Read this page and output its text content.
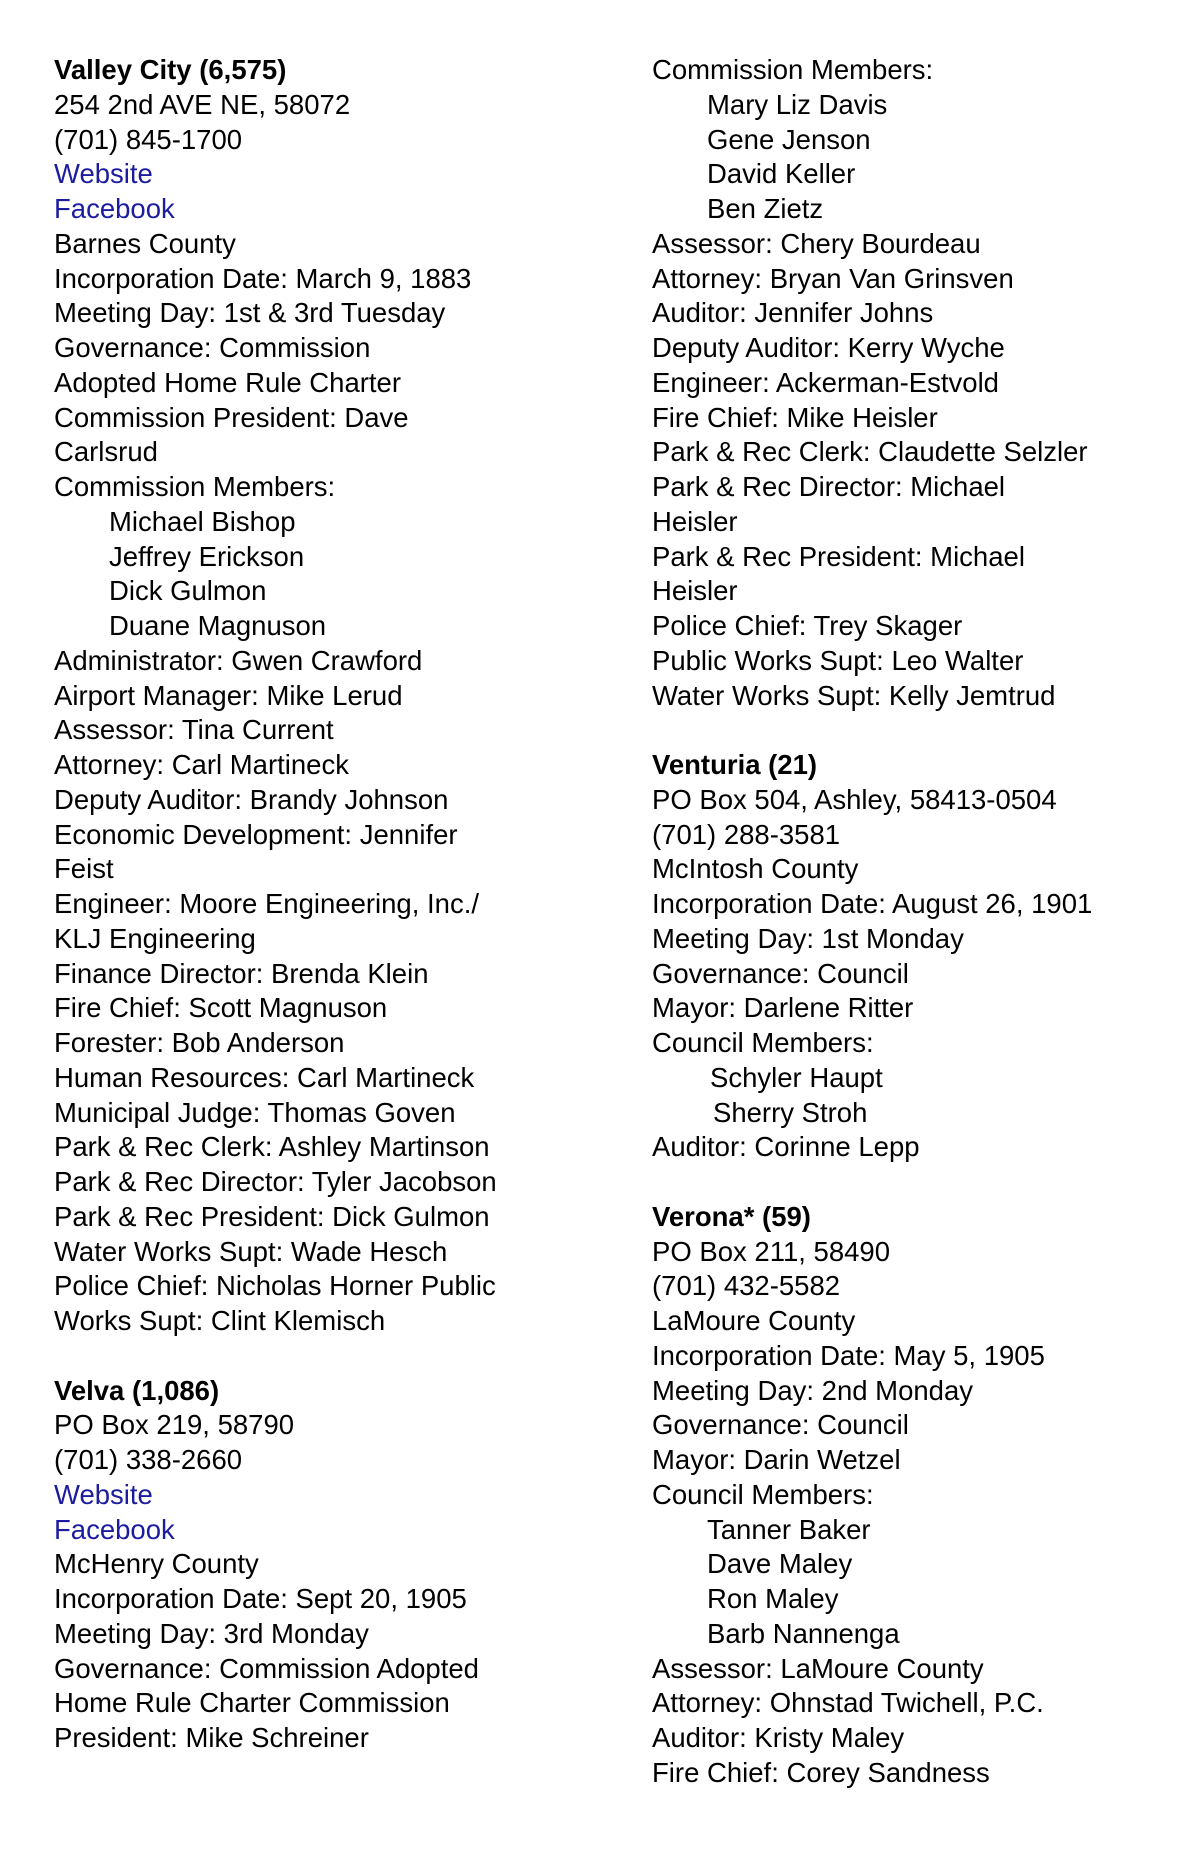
Valley City (6,575)

254 2nd AVE NE, 58072

(701) 845-1700

Website

Facebook

Barnes County

Incorporation Date: March 9, 1883

Meeting Day: 1st & 3rd Tuesday

Governance: Commission

Adopted Home Rule Charter

Commission President: Dave

Carlsrud

Commission Members:

Michael Bishop

Jeffrey Erickson

Dick Gulmon

Duane Magnuson

Administrator: Gwen Crawford

Airport Manager: Mike Lerud

Assessor: Tina Current

Attorney: Carl Martineck

Deputy Auditor: Brandy Johnson

Economic Development: Jennifer

Feist

Engineer: Moore Engineering, Inc./

KLJ Engineering

Finance Director: Brenda Klein

Fire Chief: Scott Magnuson

Forester: Bob Anderson

Human Resources: Carl Martineck

Municipal Judge: Thomas Goven

Park & Rec Clerk: Ashley Martinson

Park & Rec Director: Tyler Jacobson

Park & Rec President: Dick Gulmon

Water Works Supt: Wade Hesch

Police Chief: Nicholas Horner Public

Works Supt: Clint Klemisch

Velva (1,086)

PO Box 219, 58790

(701) 338-2660

Website

Facebook

McHenry County

Incorporation Date: Sept 20, 1905

Meeting Day: 3rd Monday

Governance: Commission Adopted

Home Rule Charter Commission

President: Mike Schreiner

Commission Members:

Mary Liz Davis

Gene Jenson

David Keller

Ben Zietz

Assessor: Chery Bourdeau

Attorney: Bryan Van Grinsven

Auditor: Jennifer Johns

Deputy Auditor: Kerry Wyche

Engineer: Ackerman-Estvold

Fire Chief: Mike Heisler

Park & Rec Clerk: Claudette Selzler

Park & Rec Director: Michael

Heisler

Park & Rec President: Michael

Heisler

Police Chief: Trey Skager

Public Works Supt: Leo Walter

Water Works Supt: Kelly Jemtrud

Venturia (21)

PO Box 504, Ashley, 58413-0504

(701) 288-3581

McIntosh County

Incorporation Date: August 26, 1901

Meeting Day: 1st Monday

Governance: Council

Mayor: Darlene Ritter

Council Members:

Schyler Haupt

Sherry Stroh

Auditor: Corinne Lepp

Verona* (59)

PO Box 211, 58490

(701) 432-5582

LaMoure County

Incorporation Date: May 5, 1905

Meeting Day: 2nd Monday

Governance: Council

Mayor: Darin Wetzel

Council Members:

Tanner Baker

Dave Maley

Ron Maley

Barb Nannenga

Assessor: LaMoure County

Attorney: Ohnstad Twichell, P.C.

Auditor: Kristy Maley

Fire Chief: Corey Sandness
